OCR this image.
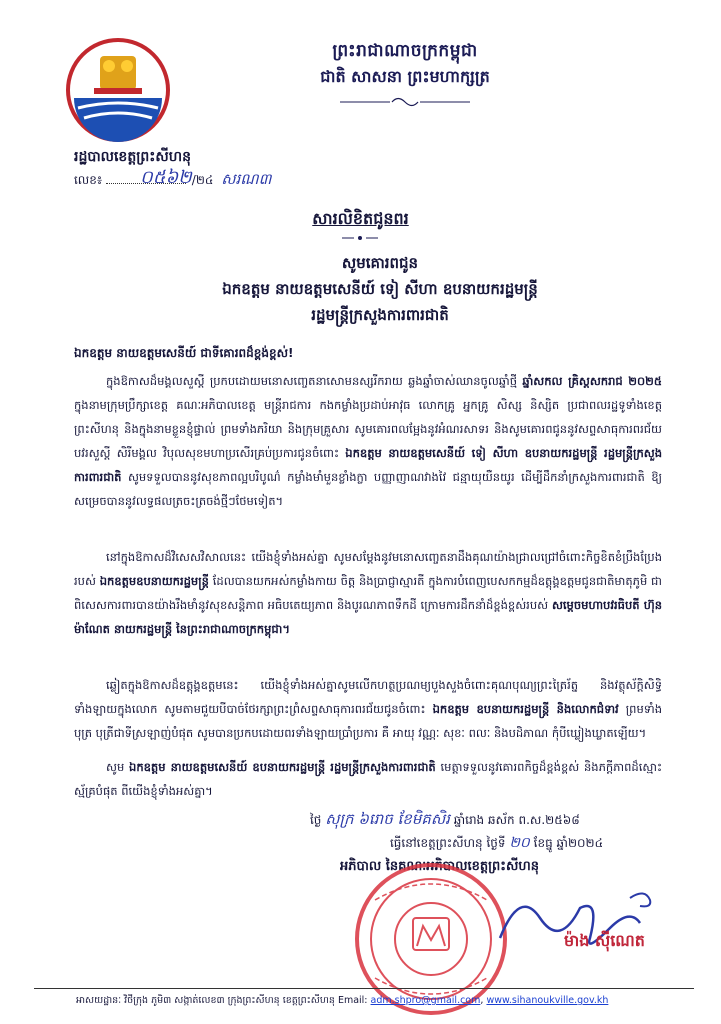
ព្រះរាជាណាចក្រកម្ពុជា
ជាតិ សាសនា ព្រះមហាក្សត្រ
រដ្ឋបាលខេត្តព្រះសីហនុ
លេខ៖ ០៥៦២ /២៤ សរណ៣
សារលិខិតជូនពរ
សូមគោរពជូន
ឯកឧត្តម នាយឧត្តមសេនីយ៍ ទៀ សីហា ឧបនាយករដ្ឋមន្ត្រី
រដ្ឋមន្ត្រីក្រសួងការពារជាតិ
ឯកឧត្តម នាយឧត្តមសេនីយ៍ ជាទីគោរពដ៏ខ្ពង់ខ្ពស់!
ក្នុងឱកាសដ៏មង្គលសួស្តី ប្រកបដោយមនោសញ្ចេតនាសោមនស្សរីករាយ ឆ្លងឆ្នាំចាស់ឈានចូលឆ្នាំថ្មី ឆ្នាំសកល គ្រិស្តសករាជ ២០២៥ ក្នុងនាមក្រុមប្រឹក្សាខេត្ត គណៈអភិបាលខេត្ត មន្ត្រីរាជការ កងកម្លាំងប្រដាប់អាវុធ លោកគ្រូ អ្នកគ្រូ សិស្ស និស្សិត ប្រជាពលរដ្ឋទូទាំងខេត្តព្រះសីហនុ និងក្នុងនាមខ្លួនខ្ញុំផ្ទាល់ ព្រមទាំងភរិយា និងក្រុមគ្រួសារ សូមគោរពលម្អែងនូវអំណរសាទរ និងសូមគោរពជូននូវសព្ទសាធុការពរជ័យ បវរសួស្តី សិរីមង្គល វិបុលសុខមហាប្រសើរគ្រប់ប្រការជូនចំពោះ ឯកឧត្តម នាយឧត្តមសេនីយ៍ ទៀ សីហា ឧបនាយករដ្ឋមន្ត្រី រដ្ឋមន្ត្រីក្រសួងការពារជាតិ សូមទទួលបាននូវសុខភាពល្អបរិបូណ៌ កម្លាំងមាំមួនខ្លាំងក្លា បញ្ញាញាណវាងវៃ ជន្មាយុយឺនយូរ ដើម្បីដឹកនាំក្រសួងការពារជាតិ ឱ្យសម្រេចបាននូវលទ្ធផលត្រចះត្រចង់ថ្មីៗថែមទៀត។
នៅក្នុងឱកាសដ៏វិសេសវិសាលនេះ យើងខ្ញុំទាំងអស់គ្នា សូមសម្តែងនូវមនោសញ្ចេតនាដឹងគុណយ៉ាងជ្រាលជ្រៅចំពោះកិច្ចខិតខំប្រឹងប្រែងរបស់ ឯកឧត្តមឧបនាយករដ្ឋមន្ត្រី ដែលបានយកអស់កម្លាំងកាយ ចិត្ត និងប្រាជ្ញាស្មារតី ក្នុងការបំពេញបេសកកម្មដ៏ឧត្តុង្គឧត្តមជូនជាតិមាតុភូមិ ជាពិសេសការពារបានយ៉ាងរឹងមាំនូវសុខសន្តិភាព អធិបតេយ្យភាព និងបូរណភាពទឹកដី ក្រោមការដឹកនាំដ៏ខ្ពង់ខ្ពស់របស់ សម្តេចមហាបវរធិបតី ហ៊ុន ម៉ាណែត នាយករដ្ឋមន្ត្រី នៃព្រះរាជាណាចក្រកម្ពុជា។
ឆ្លៀតក្នុងឱកាសដ៏ឧត្តុង្គឧត្តមនេះ យើងខ្ញុំទាំងអស់គ្នាសូមលើកហត្ថប្រណម្យបួងសួងចំពោះគុណបុណ្យព្រះត្រៃរ័ត្ន និងវត្ថុស័ក្តិសិទ្ធិទាំងឡាយក្នុងលោក សូមតាមជួយបីបាច់ថែរក្សាព្រះព្រំសព្ទសាធុការពរជ័យជូនចំពោះ ឯកឧត្តម ឧបនាយករដ្ឋមន្ត្រី និងលោកជំទាវ ព្រមទាំងបុត្រ បុត្រីជាទីស្រឡាញ់បំផុត សូមបានប្រកបដោយពរទាំងឡាយប្រាំប្រការ គឺ អាយុ វណ្ណៈ សុខៈ ពលៈ និងបដិភាណ កុំបីឃ្លៀងឃ្លាតឡើយ។
សូម ឯកឧត្តម នាយឧត្តមសេនីយ៍ ឧបនាយករដ្ឋមន្ត្រី រដ្ឋមន្ត្រីក្រសួងការពារជាតិ មេត្តាទទួលនូវគោរពកិច្ចដ៏ខ្ពង់ខ្ពស់ និងភក្តីភាពដ៏ស្មោះស្ម័គ្របំផុត ពីយើងខ្ញុំទាំងអស់គ្នា។
ថ្ងៃ សុក្រ ៦រោច ខែមិគសិរ ឆ្នាំរោង ឆស័ក ព.ស.២៥៦៨
ធ្វើនៅខេត្តព្រះសីហនុ ថ្ងៃទី ២០ ខែធ្នូ ឆ្នាំ២០២៤
អភិបាល នៃគណៈអភិបាលខេត្តព្រះសីហនុ
ម៉ាង ស៊ីណេត
អាសយដ្ឋានៈ វិថីក្រុង ភូមិ៣ សង្កាត់លេខ៣ ក្រុងព្រះសីហនុ ខេត្តព្រះសីហនុ Email: adm.shpro@gmail.com, www.sihanoukville.gov.kh
